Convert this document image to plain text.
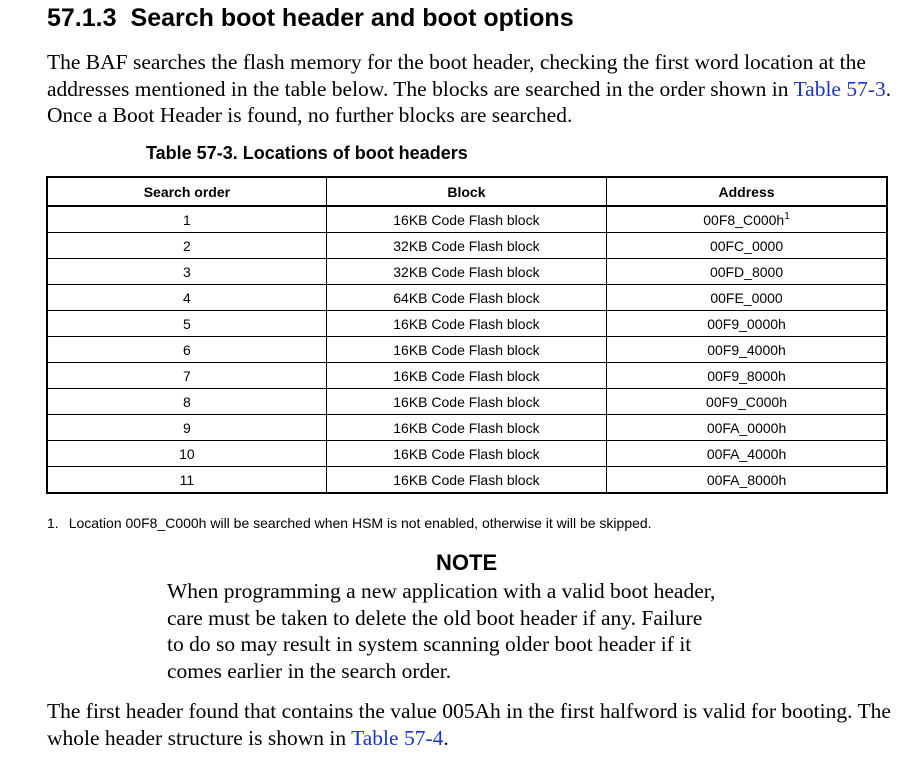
57.1.3 Search boot header and boot options

The BAF searches the flash memory for the boot header, checking the first word location at the addresses mentioned in the table below. The blocks are searched in the order shown in Table 57-3. Once a Boot Header is found, no further blocks are searched.

Table 57-3. Locations of boot headers
Search order	Block	Address
1	16KB Code Flash block	$00F8\_C000h^1$
2	32KB Code Flash block	00FC_0000
3	32KB Code Flash block	00FD_8000
4	64KB Code Flash block	00FE_0000
5	16KB Code Flash block	00F9_0000h
6	16KB Code Flash block	00F9_4000h
7	16KB Code Flash block	00F9_8000h
8	16KB Code Flash block	00F9_C000h
9	16KB Code Flash block	00FA_0000h
10	16KB Code Flash block	00FA_4000h
11	16KB Code Flash block	00FA_8000h
1. Location 00F8_C000h will be searched when HSM is not enabled, otherwise it will be skipped.
NOTE
When programming a new application with a valid boot header,
care must be taken to delete the old boot header if any. Failure
to do so may result in system scanning older boot header if it
comes earlier in the search order.

The first header found that contains the value 005Ah in the first halfword is valid for booting. The whole header structure is shown in Table 57-4.
